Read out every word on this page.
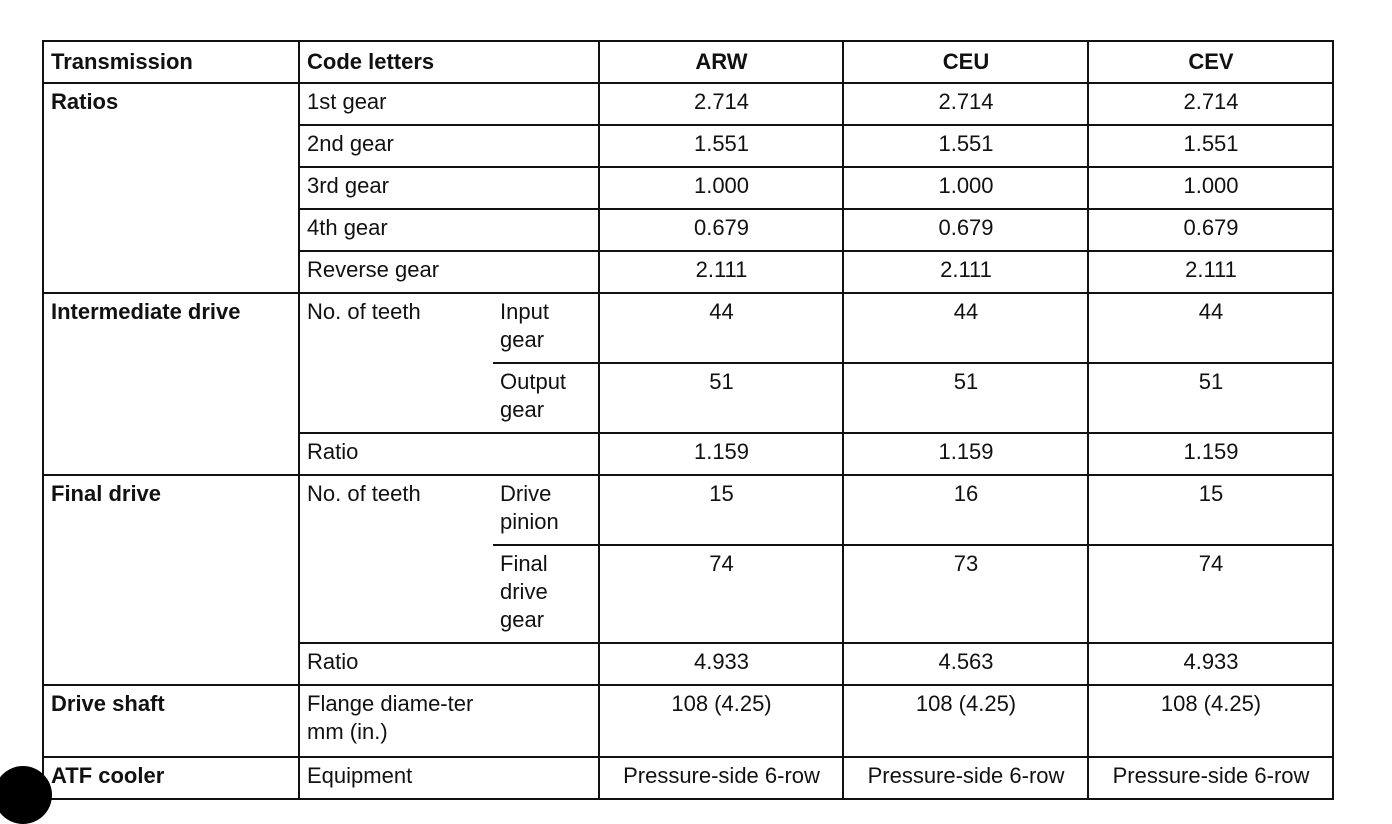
Transmission	Code letters		ARW	CEU	CEV
Ratios	1st gear		2.714	2.714	2.714
	2nd gear		1.551	1.551	1.551
	3rd gear		1.000	1.000	1.000
	4th gear		0.679	0.679	0.679
	Reverse gear		2.111	2.111	2.111
Intermediate drive	No. of teeth	Input gear	44	44	44
		Output gear	51	51	51
	Ratio		1.159	1.159	1.159
Final drive	No. of teeth	Drive pinion	15	16	15
		Final drive gear	74	73	74
	Ratio		4.933	4.563	4.933
Drive shaft	Flange diame-ter mm (in.)		108 (4.25)	108 (4.25)	108 (4.25)
ATF cooler	Equipment		Pressure-side 6-row	Pressure-side 6-row	Pressure-side 6-row
